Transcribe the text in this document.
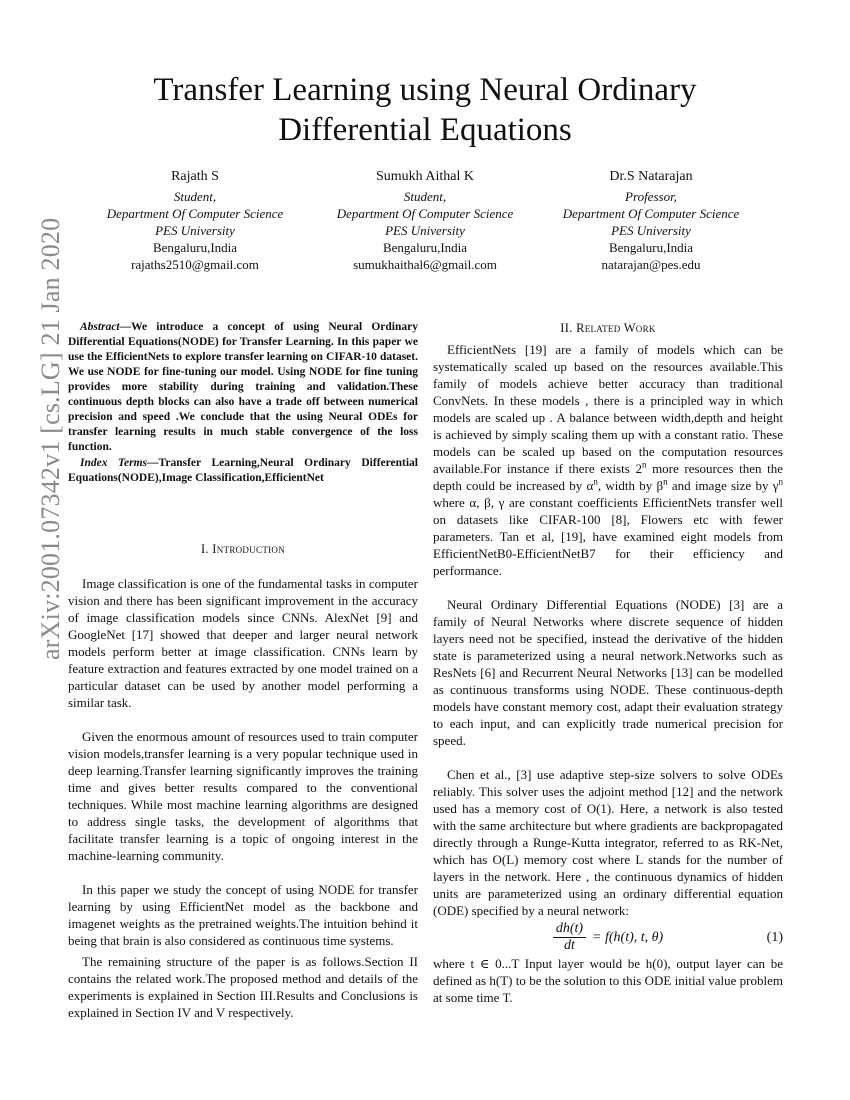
arXiv:2001.07342v1 [cs.LG] 21 Jan 2020
Transfer Learning using Neural Ordinary Differential Equations
Rajath S
Student,
Department Of Computer Science
PES University
Bengaluru,India
rajaths2510@gmail.com
Sumukh Aithal K
Student,
Department Of Computer Science
PES University
Bengaluru,India
sumukhaithal6@gmail.com
Dr.S Natarajan
Professor,
Department Of Computer Science
PES University
Bengaluru,India
natarajan@pes.edu

Abstract—We introduce a concept of using Neural Ordinary Differential Equations(NODE) for Transfer Learning. In this paper we use the EfficientNets to explore transfer learning on CIFAR-10 dataset. We use NODE for fine-tuning our model. Using NODE for fine tuning provides more stability during training and validation.These continuous depth blocks can also have a trade off between numerical precision and speed .We conclude that the using Neural ODEs for transfer learning results in much stable convergence of the loss function.

Index Terms—Transfer Learning,Neural Ordinary Differential Equations(NODE),Image Classification,EfficientNet

I. Introduction

Image classification is one of the fundamental tasks in computer vision and there has been significant improvement in the accuracy of image classification models since CNNs. AlexNet [9] and GoogleNet [17] showed that deeper and larger neural network models perform better at image classification. CNNs learn by feature extraction and features extracted by one model trained on a particular dataset can be used by another model performing a similar task.

Given the enormous amount of resources used to train computer vision models,transfer learning is a very popular technique used in deep learning.Transfer learning significantly improves the training time and gives better results compared to the conventional techniques. While most machine learning algorithms are designed to address single tasks, the development of algorithms that facilitate transfer learning is a topic of ongoing interest in the machine-learning community.

In this paper we study the concept of using NODE for transfer learning by using EfficientNet model as the backbone and imagenet weights as the pretrained weights.The intuition behind it being that brain is also considered as continuous time systems.

The remaining structure of the paper is as follows.Section II contains the related work.The proposed method and details of the experiments is explained in Section III.Results and Conclusions is explained in Section IV and V respectively.

II. Related Work

EfficientNets [19] are a family of models which can be systematically scaled up based on the resources available.This family of models achieve better accuracy than traditional ConvNets. In these models , there is a principled way in which models are scaled up . A balance between width,depth and height is achieved by simply scaling them up with a constant ratio. These models can be scaled up based on the computation resources available.For instance if there exists 2$^n$ more resources then the depth could be increased by $\alpha^n$, width by $\beta^n$ and image size by $\gamma^n$ where α, β, γ are constant coefficients EfficientNets transfer well on datasets like CIFAR-100 [8], Flowers etc with fewer parameters. Tan et al, [19], have examined eight models from EfficientNetB0-EfficientNetB7 for their efficiency and performance.

Neural Ordinary Differential Equations (NODE) [3] are a family of Neural Networks where discrete sequence of hidden layers need not be specified, instead the derivative of the hidden state is parameterized using a neural network.Networks such as ResNets [6] and Recurrent Neural Networks [13] can be modelled as continuous transforms using NODE. These continuous-depth models have constant memory cost, adapt their evaluation strategy to each input, and can explicitly trade numerical precision for speed.

Chen et al., [3] use adaptive step-size solvers to solve ODEs reliably. This solver uses the adjoint method [12] and the network used has a memory cost of O(1). Here, a network is also tested with the same architecture but where gradients are backpropagated directly through a Runge-Kutta integrator, referred to as RK-Net, which has O(L) memory cost where L stands for the number of layers in the network. Here , the continuous dynamics of hidden units are parameterized using an ordinary differential equation (ODE) specified by a neural network:

$\frac{dh(t)}{dt} = f(h(t)$, t, θ)	(1)

where t ∈ 0...T Input layer would be h(0), output layer can be defined as h(T) to be the solution to this ODE initial value problem at some time T.
